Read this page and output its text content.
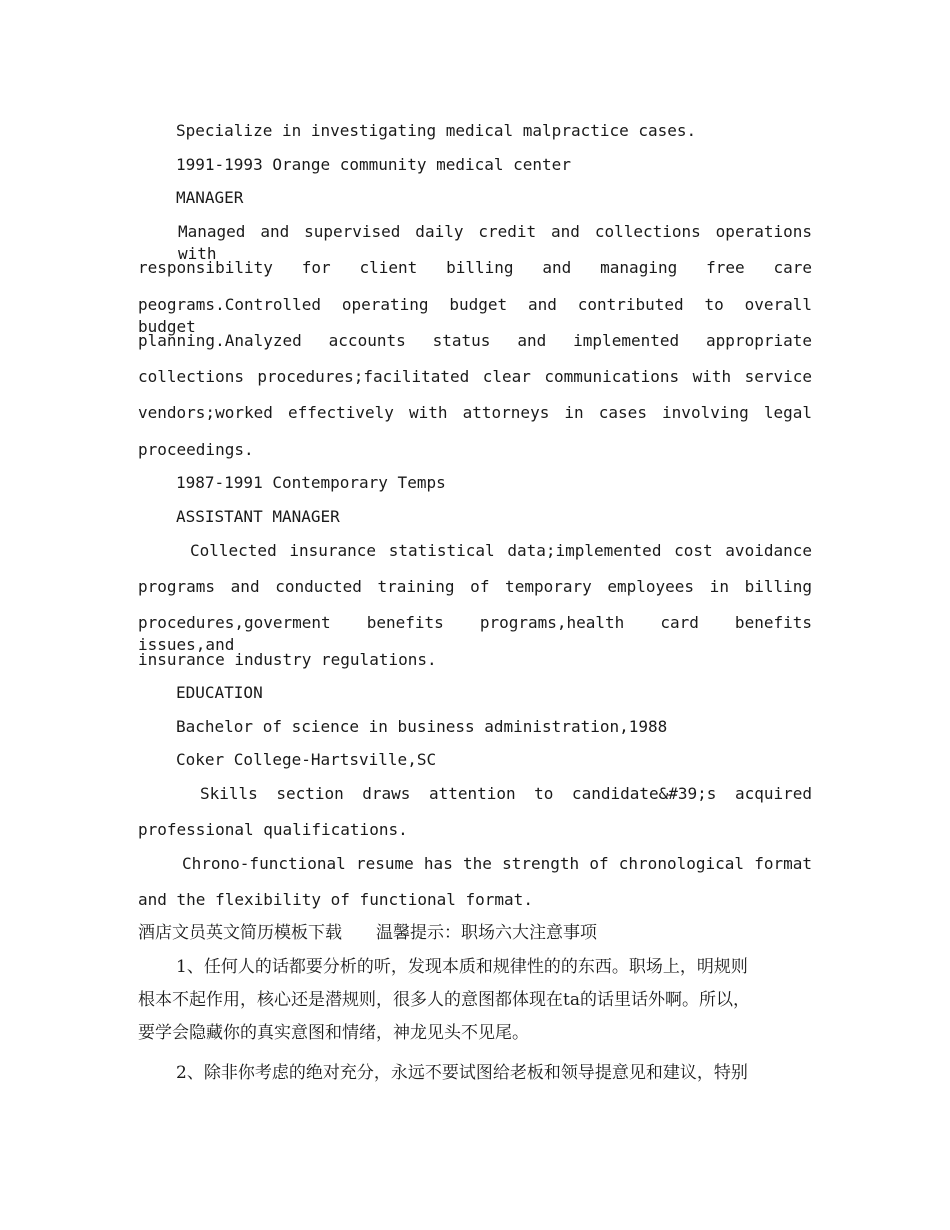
Specialize in investigating medical malpractice cases.
1991-1993 Orange community medical center
MANAGER
Managed and supervised daily credit and collections operations with
responsibility for client billing and managing free care
peograms.Controlled operating budget and contributed to overall budget
planning.Analyzed accounts status and implemented appropriate
collections procedures;facilitated clear communications with service
vendors;worked effectively with attorneys in cases involving legal
proceedings.
1987-1991 Contemporary Temps
ASSISTANT MANAGER
Collected insurance statistical data;implemented cost avoidance
programs and conducted training of temporary employees in billing
procedures,goverment benefits programs,health card benefits issues,and
insurance industry regulations.
EDUCATION
Bachelor of science in business administration,1988
Coker College-Hartsville,SC
Skills section draws attention to candidate&#39;s acquired
professional qualifications.
Chrono-functional resume has the strength of chronological format
and the flexibility of functional format.
酒店文员英文简历模板下载　　温馨提示：职场六大注意事项
1、任何人的话都要分析的听，发现本质和规律性的的东西。职场上，明规则
根本不起作用，核心还是潜规则，很多人的意图都体现在ta的话里话外啊。所以，
要学会隐藏你的真实意图和情绪，神龙见头不见尾。
2、除非你考虑的绝对充分，永远不要试图给老板和领导提意见和建议，特别
